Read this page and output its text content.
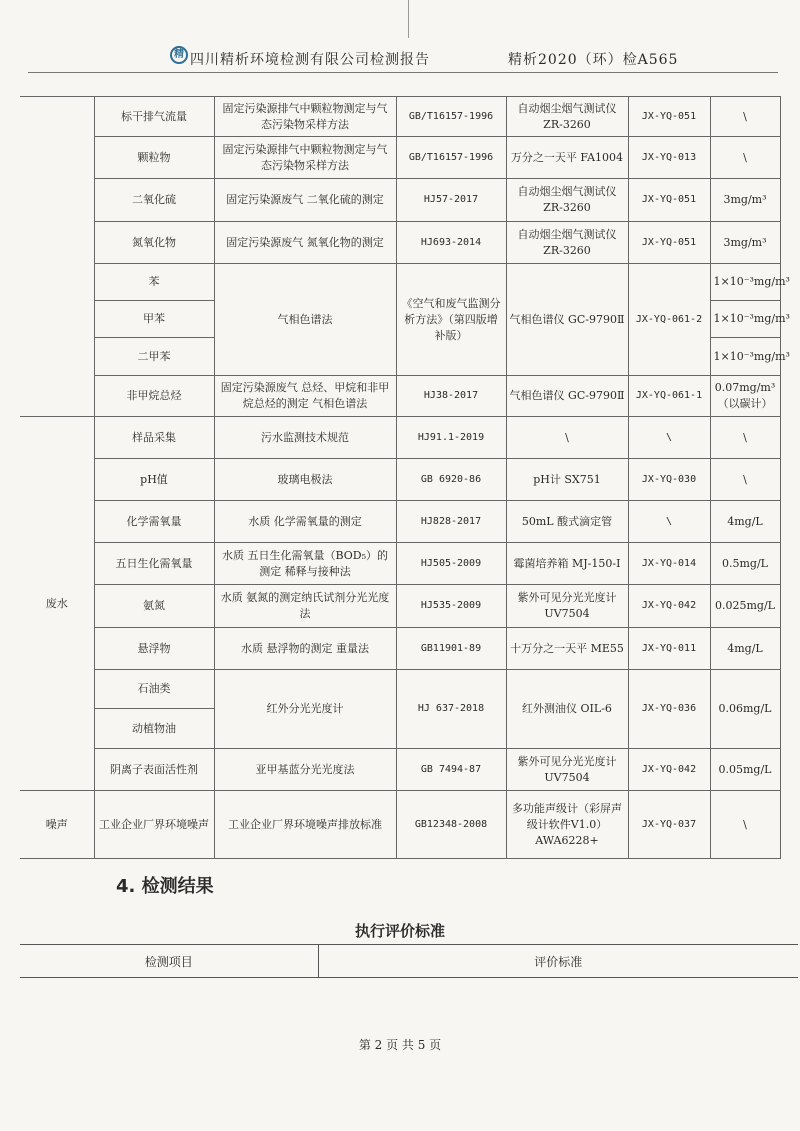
精 四川精析环境检测有限公司检测报告	精析2020（环）检A565
	标干排气流量	固定污染源排气中颗粒物测定与气态污染物采样方法	GB/T16157-1996	自动烟尘烟气测试仪 ZR-3260	JX-YQ-051	\
	颗粒物	固定污染源排气中颗粒物测定与气态污染物采样方法	GB/T16157-1996	万分之一天平 FA1004	JX-YQ-013	\
	二氧化硫	固定污染源废气 二氧化硫的测定	HJ57-2017	自动烟尘烟气测试仪 ZR-3260	JX-YQ-051	3mg/m³
	氮氧化物	固定污染源废气 氮氧化物的测定	HJ693-2014	自动烟尘烟气测试仪 ZR-3260	JX-YQ-051	3mg/m³
	苯	气相色谱法	《空气和废气监测分析方法》（第四版增补版）	气相色谱仪 GC-9790Ⅱ	JX-YQ-061-2	1×10⁻³mg/m³
	甲苯					1×10⁻³mg/m³
	二甲苯					1×10⁻³mg/m³
	非甲烷总烃	固定污染源废气 总烃、甲烷和非甲烷总烃的测定 气相色谱法	HJ38-2017	气相色谱仪 GC-9790Ⅱ	JX-YQ-061-1	0.07mg/m³（以碳计）
废水	样品采集	污水监测技术规范	HJ91.1-2019	\	\	\
	pH值	玻璃电极法	GB 6920-86	pH计 SX751	JX-YQ-030	\
	化学需氧量	水质 化学需氧量的测定	HJ828-2017	50mL 酸式滴定管	\	4mg/L
	五日生化需氧量	水质 五日生化需氧量（BOD₅）的测定 稀释与接种法	HJ505-2009	霉菌培养箱 MJ-150-I	JX-YQ-014	0.5mg/L
	氨氮	水质 氨氮的测定纳氏试剂分光光度法	HJ535-2009	紫外可见分光光度计 UV7504	JX-YQ-042	0.025mg/L
	悬浮物	水质 悬浮物的测定 重量法	GB11901-89	十万分之一天平 ME55	JX-YQ-011	4mg/L
	石油类	红外分光光度计	HJ 637-2018	红外测油仪 OIL-6	JX-YQ-036	0.06mg/L
	动植物油					
	阴离子表面活性剂	亚甲基蓝分光光度法	GB 7494-87	紫外可见分光光度计 UV7504	JX-YQ-042	0.05mg/L
噪声	工业企业厂界环境噪声	工业企业厂界环境噪声排放标准	GB12348-2008	多功能声级计（彩屏声级计软件V1.0）AWA6228+	JX-YQ-037	\
4. 检测结果
执行评价标准
检测项目	评价标准
第 2 页 共 5 页
